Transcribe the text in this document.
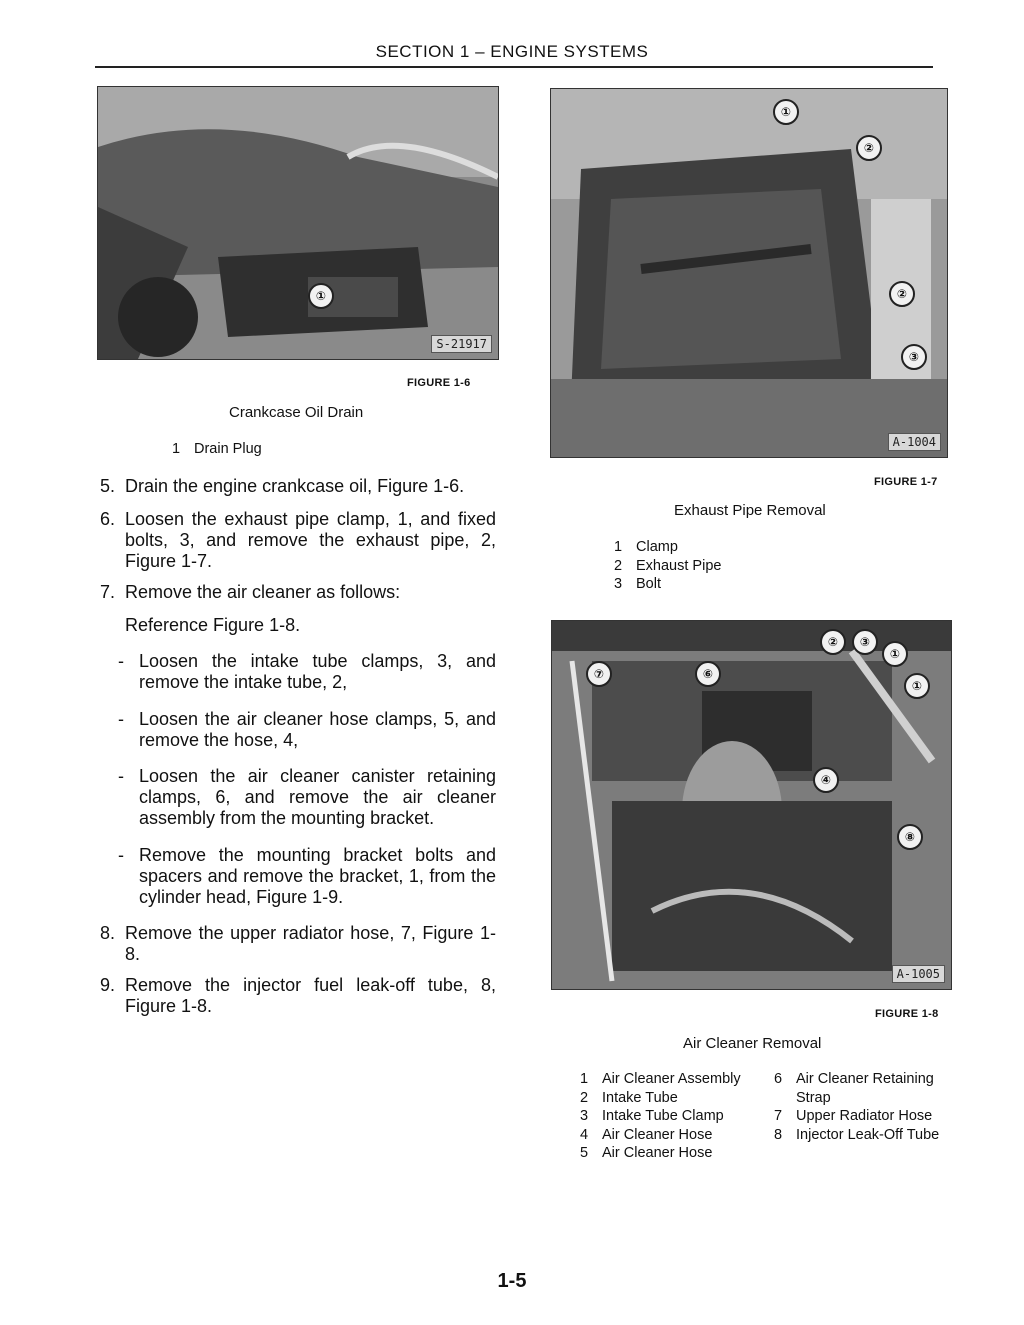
SECTION 1 – ENGINE SYSTEMS
①
S-21917
FIGURE 1-6
Crankcase Oil Drain
1 Drain Plug
①
②
②
③
A-1004
FIGURE 1-7
Exhaust Pipe Removal
1 Clamp
2 Exhaust Pipe
3 Bolt
⑦	⑥
②	③
①
①
④
⑧
A-1005
FIGURE 1-8
Air Cleaner Removal
1 Air Cleaner Assembly
2 Intake Tube
3 Intake Tube Clamp
4 Air Cleaner Hose
5 Air Cleaner Hose
6 Air Cleaner Retaining
Strap
7 Upper Radiator Hose
8 Injector Leak-Off Tube
5. Drain the engine crankcase oil, Figure 1-6.
6. Loosen the exhaust pipe clamp, 1, and fixed bolts, 3, and remove the exhaust pipe, 2, Figure 1-7.
7. Remove the air cleaner as follows:
Reference Figure 1-8.
- Loosen the intake tube clamps, 3, and remove the intake tube, 2,
- Loosen the air cleaner hose clamps, 5, and remove the hose, 4,
- Loosen the air cleaner canister retaining clamps, 6, and remove the air cleaner assembly from the mounting bracket.
- Remove the mounting bracket bolts and spacers and remove the bracket, 1, from the cylinder head, Figure 1-9.
8. Remove the upper radiator hose, 7, Figure 1-8.
9. Remove the injector fuel leak-off tube, 8, Figure 1-8.
1-5
